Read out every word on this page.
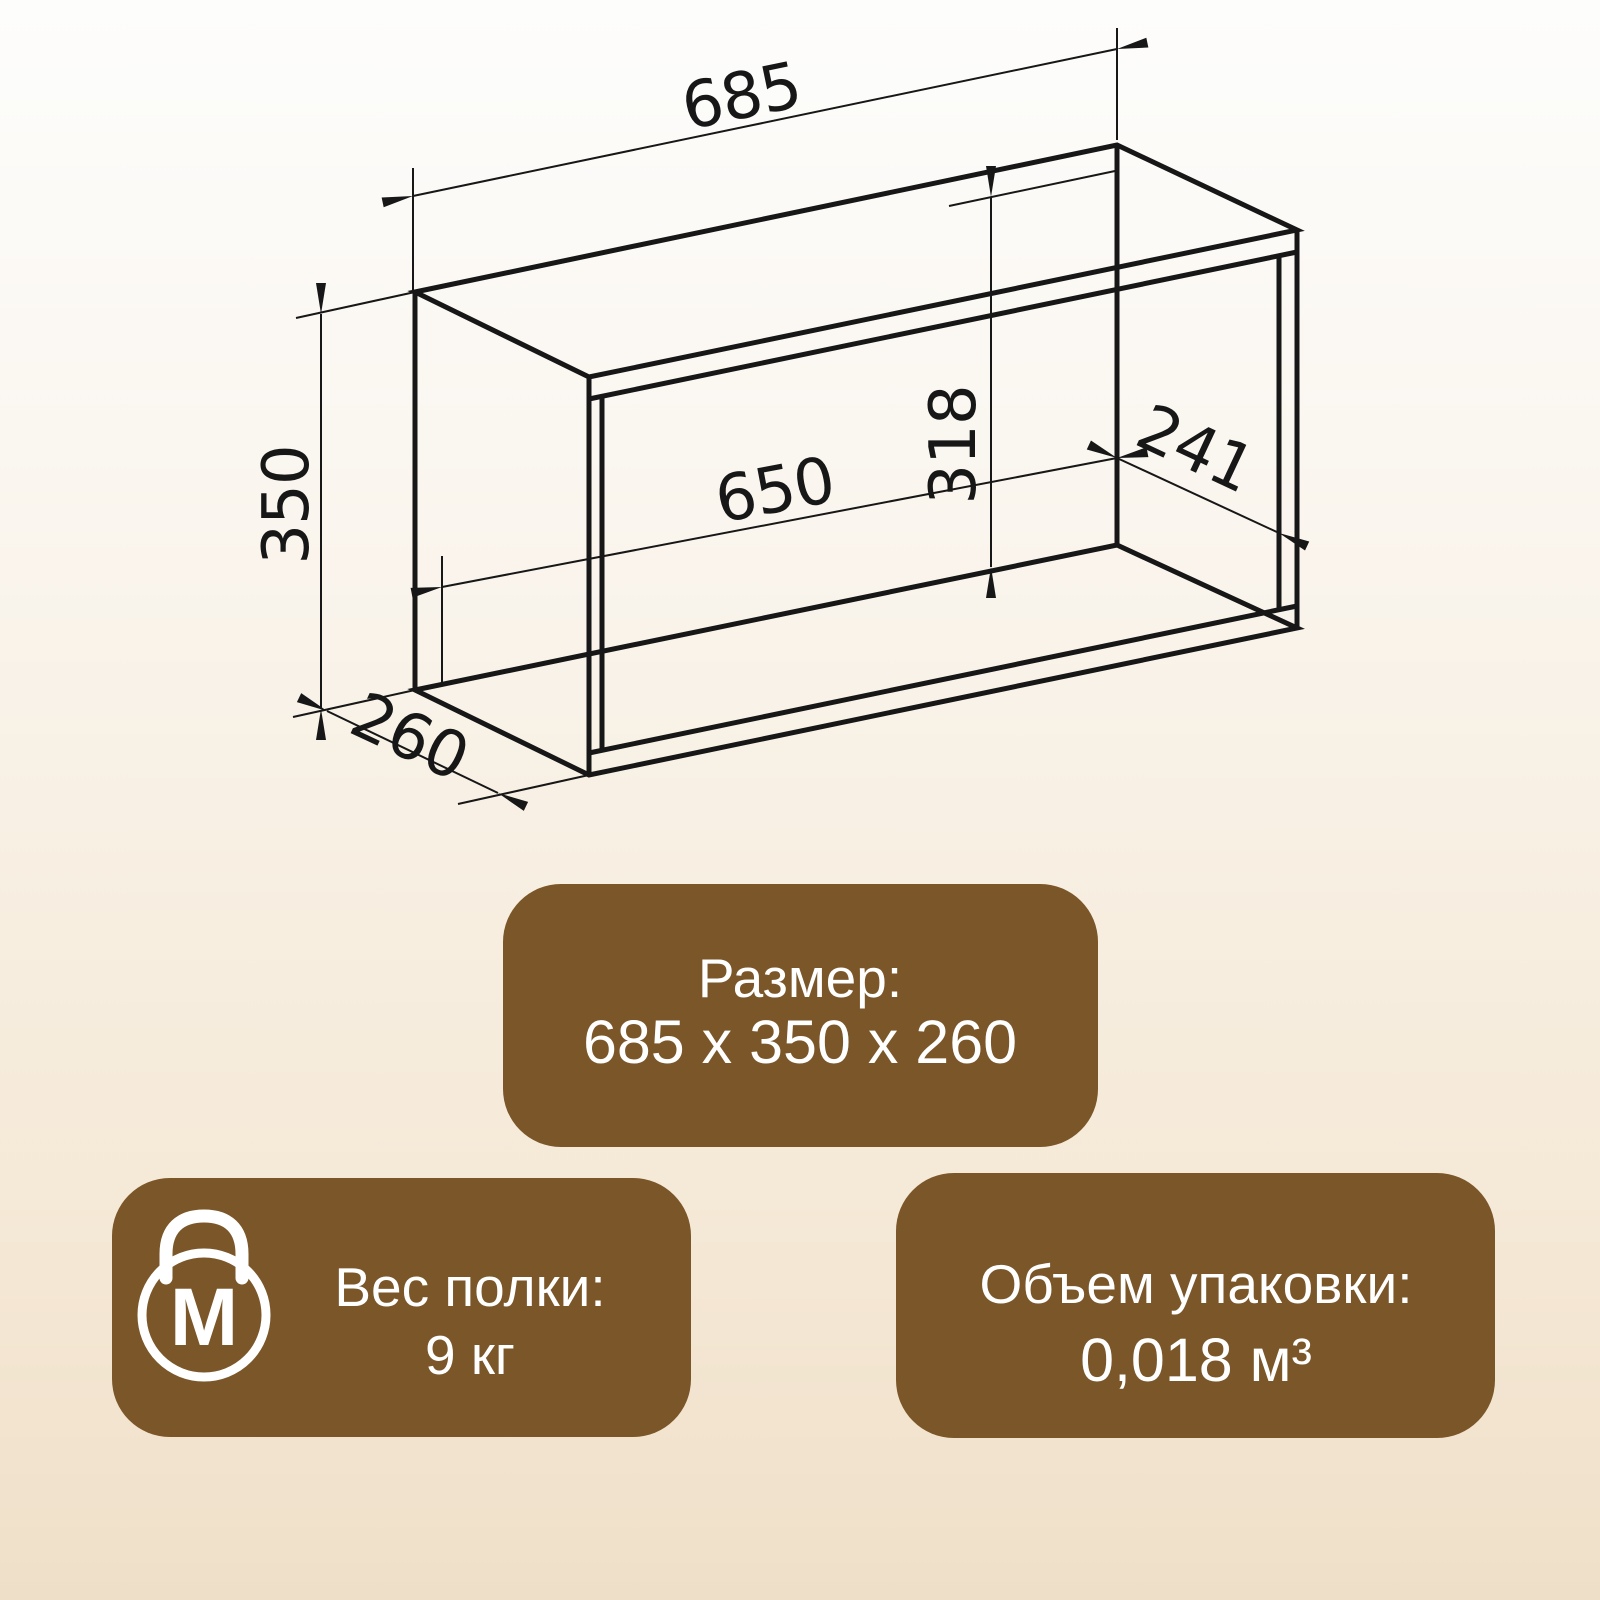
685
350
260
650 318 241
Размер:
685 x 350 x 260
М Вес полки:
9 кг
Объем упаковки:
0,018 м³
